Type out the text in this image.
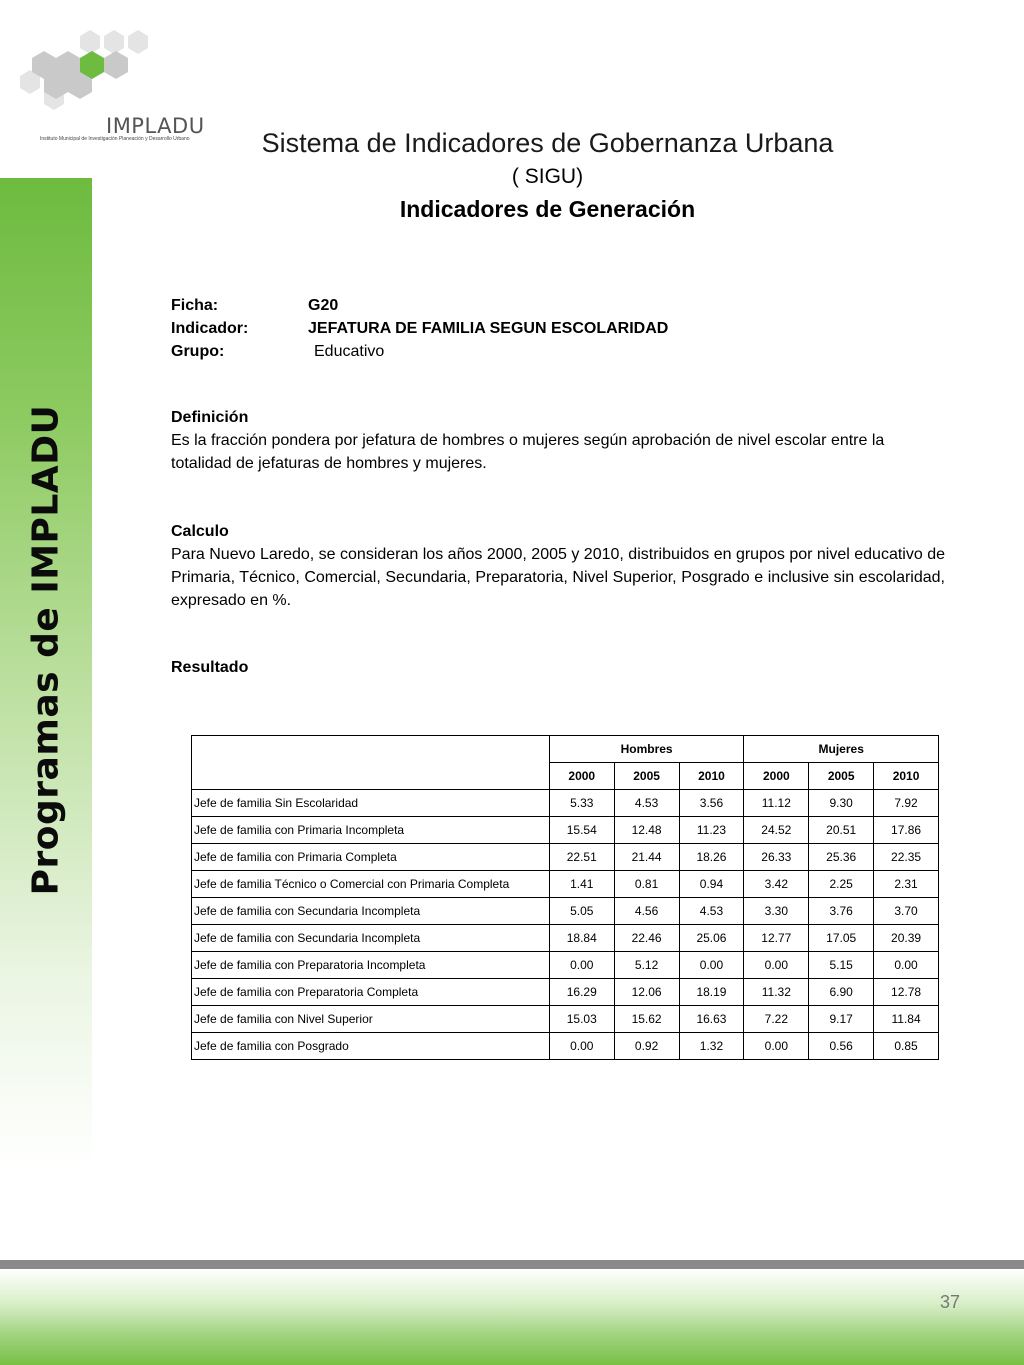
IMPLADU
Instituto Municipal de Investigación Planeación y Desarrollo Urbano
Programas de IMPLADU
Sistema de Indicadores de Gobernanza Urbana
( SIGU)
Indicadores de Generación
Ficha:	G20
Indicador:	JEFATURA DE FAMILIA SEGUN ESCOLARIDAD
Grupo:	Educativo
Definición

Es la fracción pondera por jefatura de hombres o mujeres según aprobación de nivel escolar entre la totalidad de jefaturas de hombres y mujeres.

Calculo

Para Nuevo Laredo, se consideran los años 2000, 2005 y 2010, distribuidos en grupos por nivel educativo de Primaria, Técnico, Comercial, Secundaria, Preparatoria, Nivel Superior, Posgrado e inclusive sin escolaridad, expresado en %.

Resultado
	Hombres			Mujeres		
	2000	2005	2010	2000	2005	2010
Jefe de familia Sin Escolaridad	5.33	4.53	3.56	11.12	9.30	7.92
Jefe de familia con Primaria Incompleta	15.54	12.48	11.23	24.52	20.51	17.86
Jefe de familia con Primaria Completa	22.51	21.44	18.26	26.33	25.36	22.35
Jefe de familia Técnico o Comercial con Primaria Completa	1.41	0.81	0.94	3.42	2.25	2.31
Jefe de familia con Secundaria Incompleta	5.05	4.56	4.53	3.30	3.76	3.70
Jefe de familia con Secundaria Incompleta	18.84	22.46	25.06	12.77	17.05	20.39
Jefe de familia con Preparatoria Incompleta	0.00	5.12	0.00	0.00	5.15	0.00
Jefe de familia con Preparatoria Completa	16.29	12.06	18.19	11.32	6.90	12.78
Jefe de familia con Nivel Superior	15.03	15.62	16.63	7.22	9.17	11.84
Jefe de familia con Posgrado	0.00	0.92	1.32	0.00	0.56	0.85
37
